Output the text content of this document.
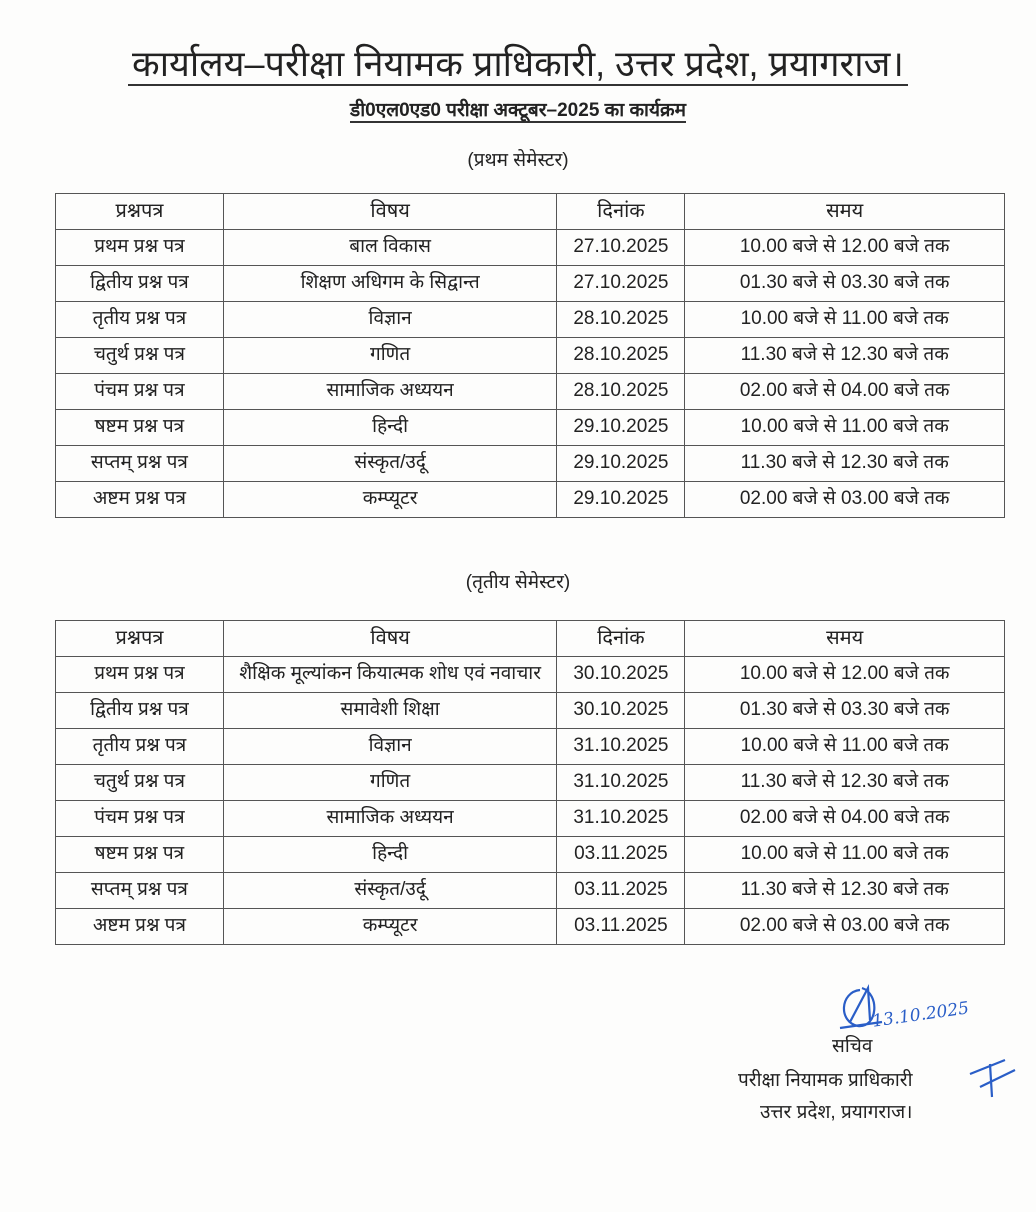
कार्यालय–परीक्षा नियामक प्राधिकारी, उत्तर प्रदेश, प्रयागराज।
डी0एल0एड0 परीक्षा अक्टूबर–2025 का कार्यक्रम
(प्रथम सेमेस्टर)
प्रश्नपत्र	विषय	दिनांक	समय
प्रथम प्रश्न पत्र	बाल विकास	27.10.2025	10.00 बजे से 12.00 बजे तक
द्वितीय प्रश्न पत्र	शिक्षण अधिगम के सिद्वान्त	27.10.2025	01.30 बजे से 03.30 बजे तक
तृतीय प्रश्न पत्र	विज्ञान	28.10.2025	10.00 बजे से 11.00 बजे तक
चतुर्थ प्रश्न पत्र	गणित	28.10.2025	11.30 बजे से 12.30 बजे तक
पंचम प्रश्न पत्र	सामाजिक अध्ययन	28.10.2025	02.00 बजे से 04.00 बजे तक
षष्टम प्रश्न पत्र	हिन्दी	29.10.2025	10.00 बजे से 11.00 बजे तक
सप्तम् प्रश्न पत्र	संस्कृत/उर्दू	29.10.2025	11.30 बजे से 12.30 बजे तक
अष्टम प्रश्न पत्र	कम्प्यूटर	29.10.2025	02.00 बजे से 03.00 बजे तक
(तृतीय सेमेस्टर)
प्रश्नपत्र	विषय	दिनांक	समय
प्रथम प्रश्न पत्र	शैक्षिक मूल्यांकन कियात्मक शोध एवं नवाचार	30.10.2025	10.00 बजे से 12.00 बजे तक
द्वितीय प्रश्न पत्र	समावेशी शिक्षा	30.10.2025	01.30 बजे से 03.30 बजे तक
तृतीय प्रश्न पत्र	विज्ञान	31.10.2025	10.00 बजे से 11.00 बजे तक
चतुर्थ प्रश्न पत्र	गणित	31.10.2025	11.30 बजे से 12.30 बजे तक
पंचम प्रश्न पत्र	सामाजिक अध्ययन	31.10.2025	02.00 बजे से 04.00 बजे तक
षष्टम प्रश्न पत्र	हिन्दी	03.11.2025	10.00 बजे से 11.00 बजे तक
सप्तम् प्रश्न पत्र	संस्कृत/उर्दू	03.11.2025	11.30 बजे से 12.30 बजे तक
अष्टम प्रश्न पत्र	कम्प्यूटर	03.11.2025	02.00 बजे से 03.00 बजे तक
13.10.2025
सचिव
परीक्षा नियामक प्राधिकारी
उत्तर प्रदेश, प्रयागराज।
